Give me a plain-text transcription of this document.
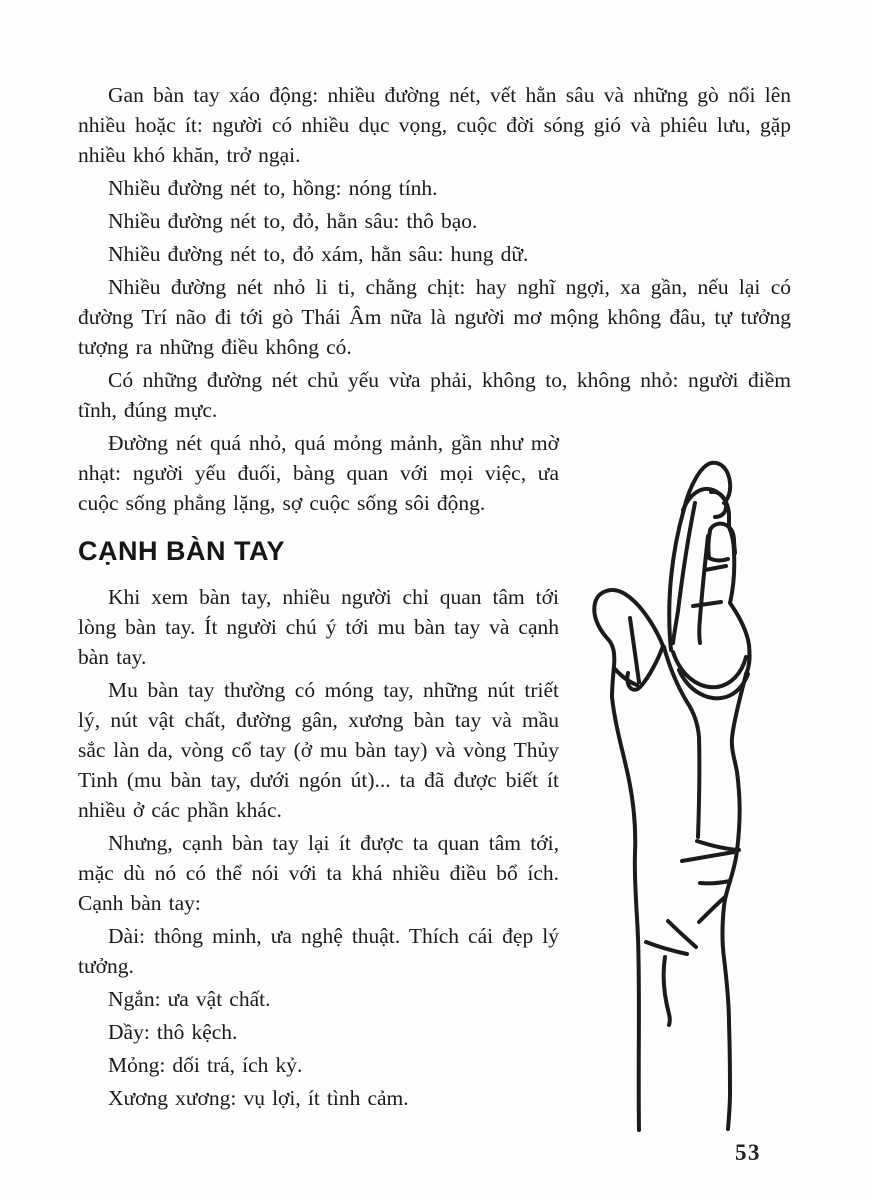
Gan bàn tay xáo động: nhiều đường nét, vết hằn sâu và những gò nổi lên nhiều hoặc ít: người có nhiều dục vọng, cuộc đời sóng gió và phiêu lưu, gặp nhiều khó khăn, trở ngại.

Nhiều đường nét to, hồng: nóng tính.

Nhiều đường nét to, đỏ, hằn sâu: thô bạo.

Nhiều đường nét to, đỏ xám, hằn sâu: hung dữ.

Nhiều đường nét nhỏ li ti, chằng chịt: hay nghĩ ngợi, xa gần, nếu lại có đường Trí não đi tới gò Thái Âm nữa là người mơ mộng không đâu, tự tưởng tượng ra những điều không có.

Có những đường nét chủ yếu vừa phải, không to, không nhỏ: người điềm tĩnh, đúng mực.

Đường nét quá nhỏ, quá mỏng mảnh, gần như mờ nhạt: người yếu đuối, bàng quan với mọi việc, ưa cuộc sống phẳng lặng, sợ cuộc sống sôi động.

CẠNH BÀN TAY

Khi xem bàn tay, nhiều người chỉ quan tâm tới lòng bàn tay. Ít người chú ý tới mu bàn tay và cạnh bàn tay.

Mu bàn tay thường có móng tay, những nút triết lý, nút vật chất, đường gân, xương bàn tay và mầu sắc làn da, vòng cổ tay (ở mu bàn tay) và vòng Thủy Tinh (mu bàn tay, dưới ngón út)... ta đã được biết ít nhiều ở các phần khác.

Nhưng, cạnh bàn tay lại ít được ta quan tâm tới, mặc dù nó có thể nói với ta khá nhiều điều bổ ích. Cạnh bàn tay:

Dài: thông minh, ưa nghệ thuật. Thích cái đẹp lý tưởng.

Ngắn: ưa vật chất.

Dầy: thô kệch.

Mỏng: dối trá, ích kỷ.

Xương xương: vụ lợi, ít tình cảm.

53
